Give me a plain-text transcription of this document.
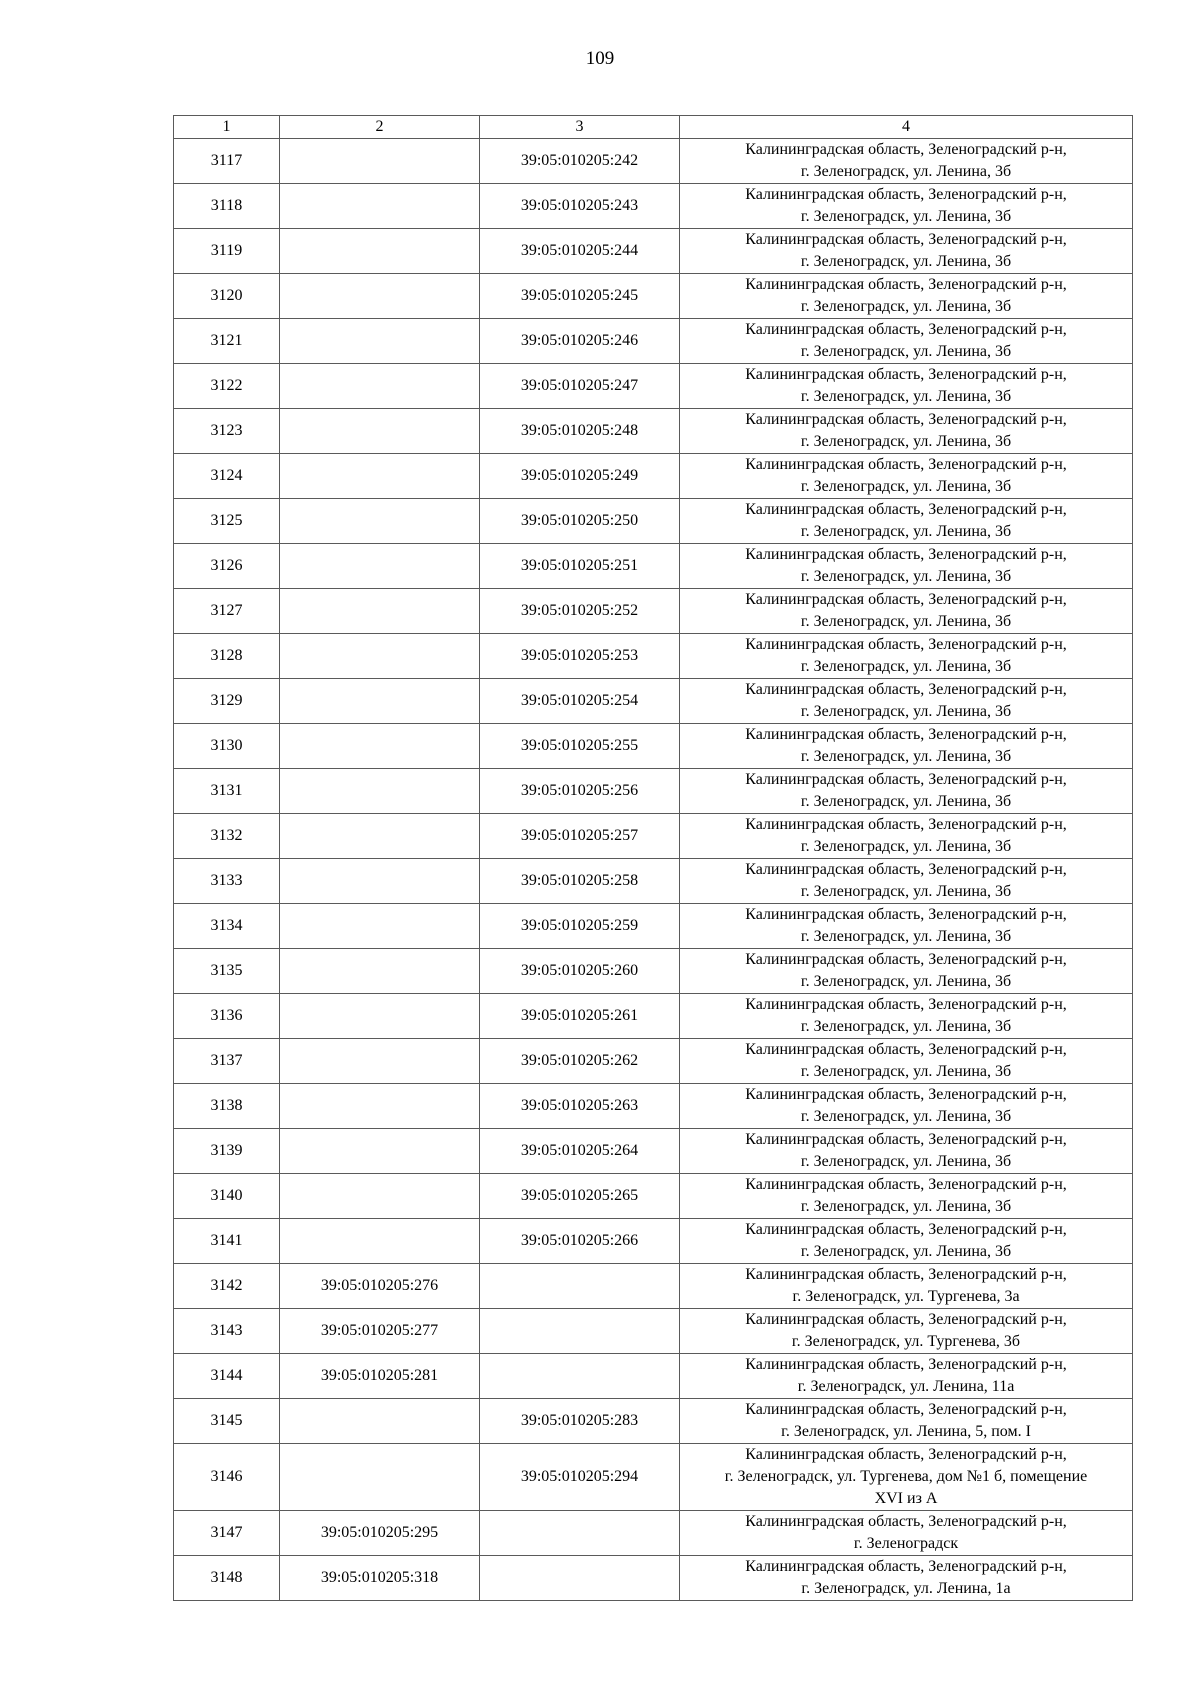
109
1	2	3	4
3117		39:05:010205:242	Калининградская область, Зеленоградский р-н,
г. Зеленоградск, ул. Ленина, 3б

3118		39:05:010205:243	Калининградская область, Зеленоградский р-н,
г. Зеленоградск, ул. Ленина, 3б

3119		39:05:010205:244	Калининградская область, Зеленоградский р-н,
г. Зеленоградск, ул. Ленина, 3б

3120		39:05:010205:245	Калининградская область, Зеленоградский р-н,
г. Зеленоградск, ул. Ленина, 3б

3121		39:05:010205:246	Калининградская область, Зеленоградский р-н,
г. Зеленоградск, ул. Ленина, 3б

3122		39:05:010205:247	Калининградская область, Зеленоградский р-н,
г. Зеленоградск, ул. Ленина, 3б

3123		39:05:010205:248	Калининградская область, Зеленоградский р-н,
г. Зеленоградск, ул. Ленина, 3б

3124		39:05:010205:249	Калининградская область, Зеленоградский р-н,
г. Зеленоградск, ул. Ленина, 3б

3125		39:05:010205:250	Калининградская область, Зеленоградский р-н,
г. Зеленоградск, ул. Ленина, 3б

3126		39:05:010205:251	Калининградская область, Зеленоградский р-н,
г. Зеленоградск, ул. Ленина, 3б

3127		39:05:010205:252	Калининградская область, Зеленоградский р-н,
г. Зеленоградск, ул. Ленина, 3б

3128		39:05:010205:253	Калининградская область, Зеленоградский р-н,
г. Зеленоградск, ул. Ленина, 3б

3129		39:05:010205:254	Калининградская область, Зеленоградский р-н,
г. Зеленоградск, ул. Ленина, 3б

3130		39:05:010205:255	Калининградская область, Зеленоградский р-н,
г. Зеленоградск, ул. Ленина, 3б

3131		39:05:010205:256	Калининградская область, Зеленоградский р-н,
г. Зеленоградск, ул. Ленина, 3б

3132		39:05:010205:257	Калининградская область, Зеленоградский р-н,
г. Зеленоградск, ул. Ленина, 3б

3133		39:05:010205:258	Калининградская область, Зеленоградский р-н,
г. Зеленоградск, ул. Ленина, 3б

3134		39:05:010205:259	Калининградская область, Зеленоградский р-н,
г. Зеленоградск, ул. Ленина, 3б

3135		39:05:010205:260	Калининградская область, Зеленоградский р-н,
г. Зеленоградск, ул. Ленина, 3б

3136		39:05:010205:261	Калининградская область, Зеленоградский р-н,
г. Зеленоградск, ул. Ленина, 3б

3137		39:05:010205:262	Калининградская область, Зеленоградский р-н,
г. Зеленоградск, ул. Ленина, 3б

3138		39:05:010205:263	Калининградская область, Зеленоградский р-н,
г. Зеленоградск, ул. Ленина, 3б

3139		39:05:010205:264	Калининградская область, Зеленоградский р-н,
г. Зеленоградск, ул. Ленина, 3б

3140		39:05:010205:265	Калининградская область, Зеленоградский р-н,
г. Зеленоградск, ул. Ленина, 3б

3141		39:05:010205:266	Калининградская область, Зеленоградский р-н,
г. Зеленоградск, ул. Ленина, 3б

3142	39:05:010205:276		Калининградская область, Зеленоградский р-н,
г. Зеленоградск, ул. Тургенева, 3а

3143	39:05:010205:277		Калининградская область, Зеленоградский р-н,
г. Зеленоградск, ул. Тургенева, 3б

3144	39:05:010205:281		Калининградская область, Зеленоградский р-н,
г. Зеленоградск, ул. Ленина, 11а

3145		39:05:010205:283	Калининградская область, Зеленоградский р-н,
г. Зеленоградск, ул. Ленина, 5, пом. I

3146		39:05:010205:294	Калининградская область, Зеленоградский р-н,
г. Зеленоградск, ул. Тургенева, дом №1 б, помещение
XVI из А

3147	39:05:010205:295		Калининградская область, Зеленоградский р-н,
г. Зеленоградск

3148	39:05:010205:318		Калининградская область, Зеленоградский р-н,
г. Зеленоградск, ул. Ленина, 1а
